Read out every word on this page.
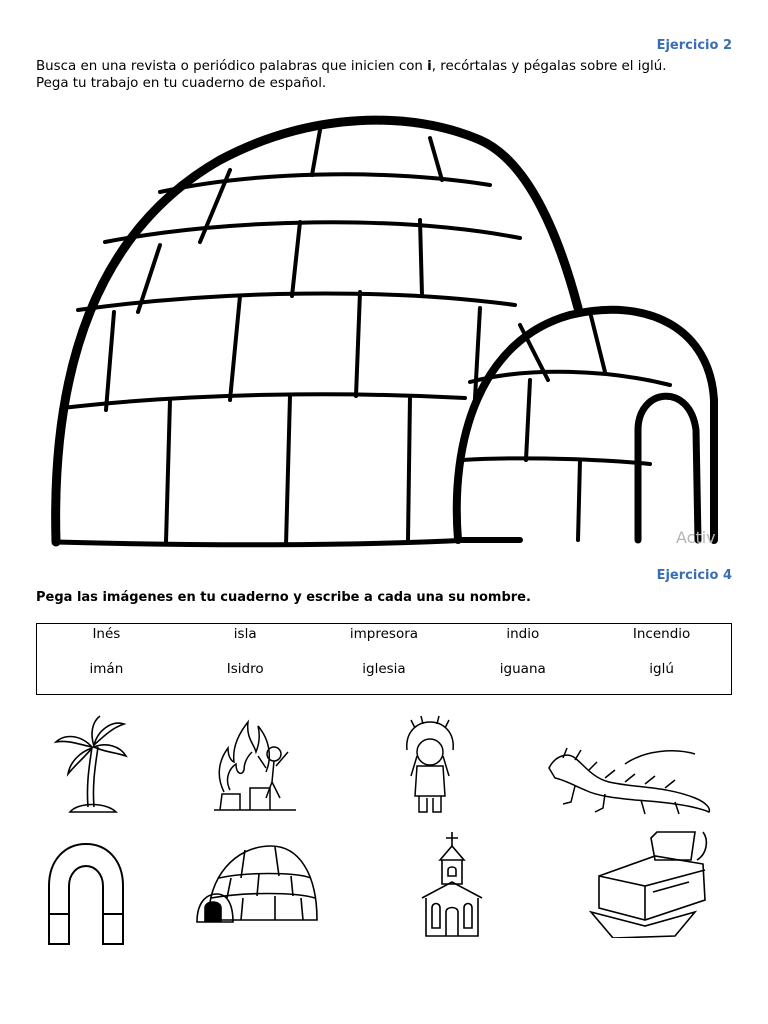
Ejercicio 2
Busca en una revista o periódico palabras que inicien con i, recórtalas y pégalas sobre el iglú.
Pega tu trabajo en tu cuaderno de español.
Activ
Ejercicio 4
Pega las imágenes en tu cuaderno y escribe a cada una su nombre.
Inés	isla	impresora	indio	Incendio
imán	Isidro	iglesia	iguana	iglú
